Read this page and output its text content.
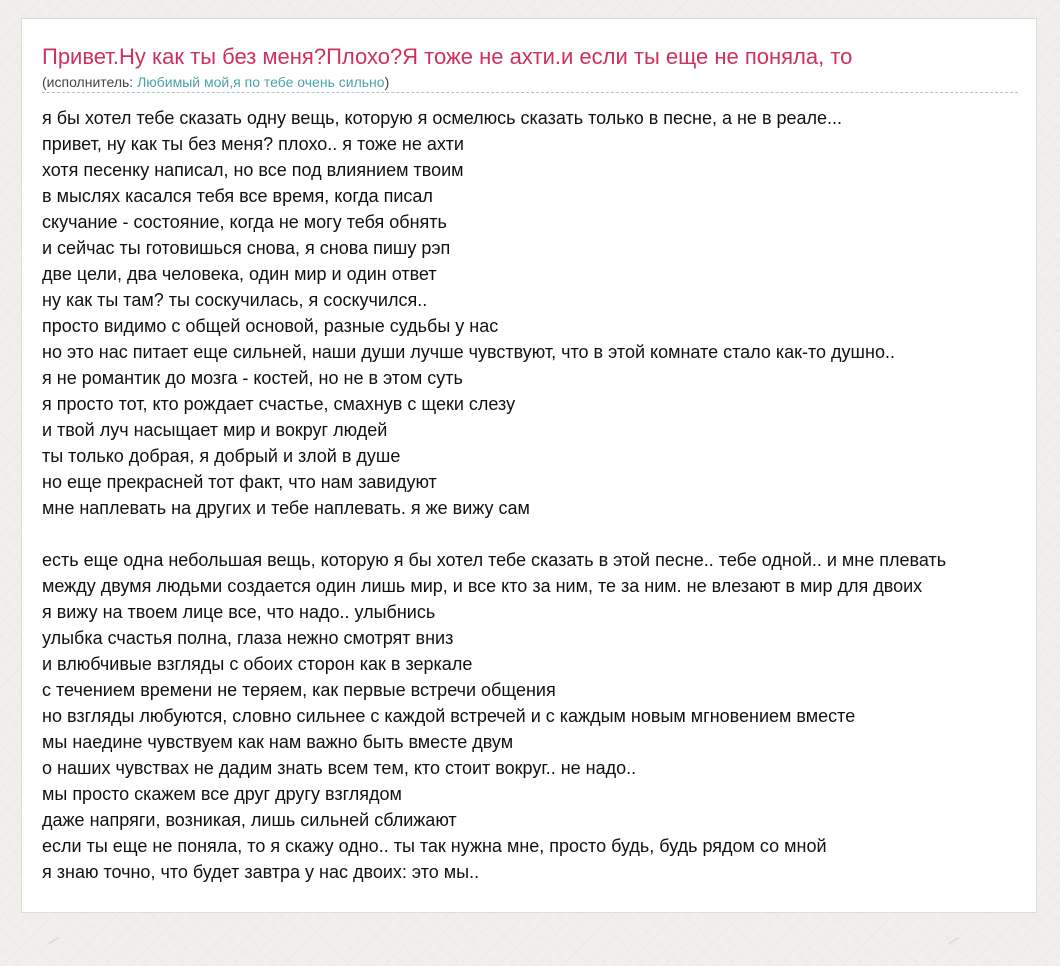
Привет.Ну как ты без меня?Плохо?Я тоже не ахти.и если ты еще не поняла, то
(исполнитель: Любимый мой,я по тебе очень сильно)
я бы хотел тебе сказать одну вещь, которую я осмелюсь сказать только в песне, а не в реале...
привет, ну как ты без меня? плохо.. я тоже не ахти
хотя песенку написал, но все под влиянием твоим
в мыслях касался тебя все время, когда писал
скучание - состояние, когда не могу тебя обнять
и сейчас ты готовишься снова, я снова пишу рэп
две цели, два человека, один мир и один ответ
ну как ты там? ты соскучилась, я соскучился..
просто видимо с общей основой, разные судьбы у нас
но это нас питает еще сильней, наши души лучше чувствуют, что в этой комнате стало как-то душно..
я не романтик до мозга - костей, но не в этом суть
я просто тот, кто рождает счастье, смахнув с щеки слезу
и твой луч насыщает мир и вокруг людей
ты только добрая, я добрый и злой в душе
но еще прекрасней тот факт, что нам завидуют
мне наплевать на других и тебе наплевать. я же вижу сам
есть еще одна небольшая вещь, которую я бы хотел тебе сказать в этой песне.. тебе одной.. и мне плевать
между двумя людьми создается один лишь мир, и все кто за ним, те за ним. не влезают в мир для двоих
я вижу на твоем лице все, что надо.. улыбнись
улыбка счастья полна, глаза нежно смотрят вниз
и влюбчивые взгляды с обоих сторон как в зеркале
с течением времени не теряем, как первые встречи общения
но взгляды любуются, словно сильнее с каждой встречей и с каждым новым мгновением вместе
мы наедине чувствуем как нам важно быть вместе двум
о наших чувствах не дадим знать всем тем, кто стоит вокруг.. не надо..
мы просто скажем все друг другу взглядом
даже напряги, возникая, лишь сильней сближают
если ты еще не поняла, то я скажу одно.. ты так нужна мне, просто будь, будь рядом со мной
я знаю точно, что будет завтра у нас двоих: это мы..
